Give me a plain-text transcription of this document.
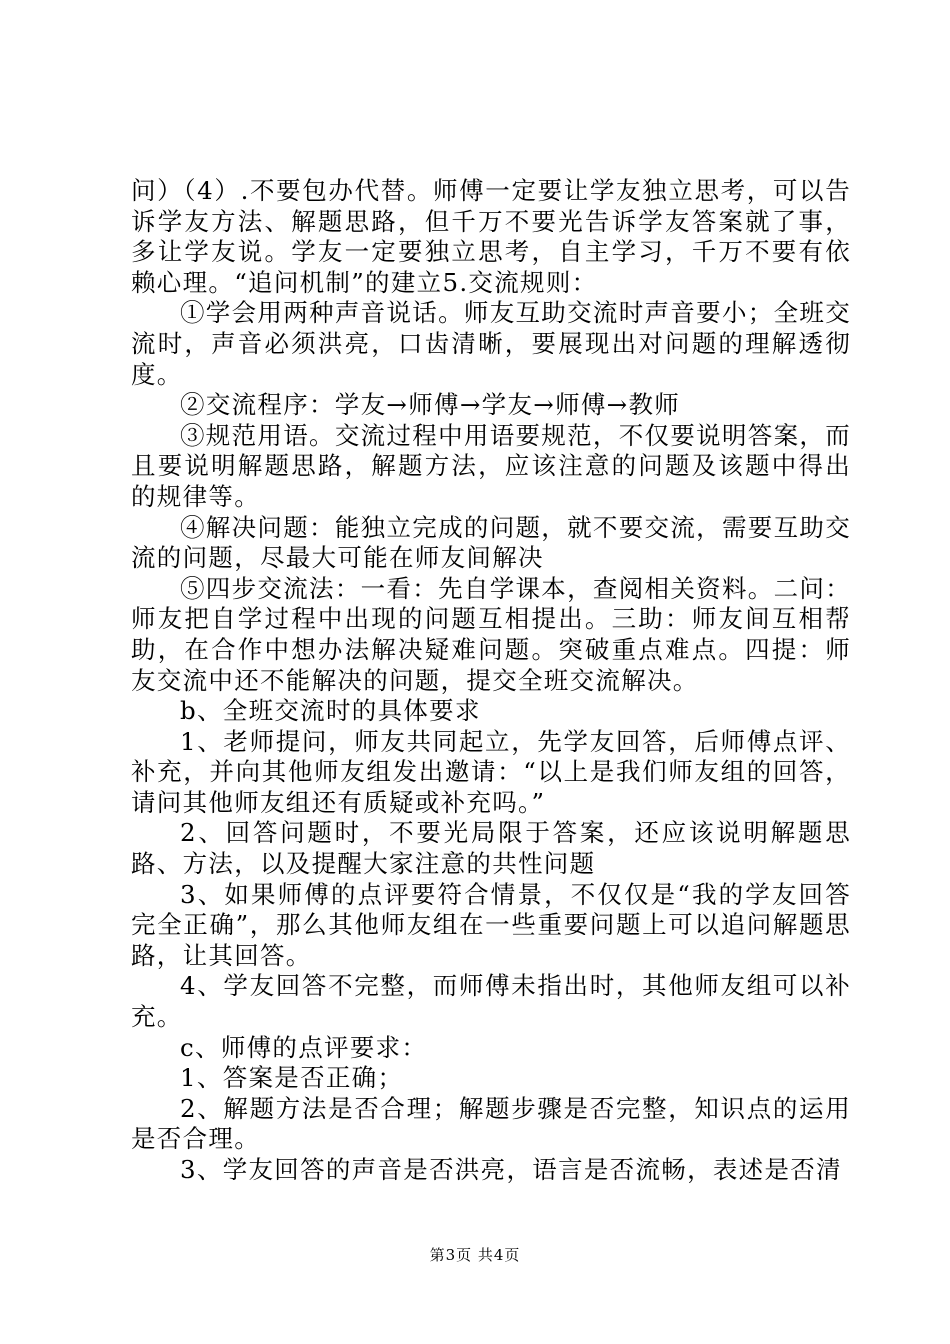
问）（4）.不要包办代替。师傅一定要让学友独立思考，可以告诉学友方法、解题思路，但千万不要光告诉学友答案就了事，多让学友说。学友一定要独立思考，自主学习，千万不要有依赖心理。“追问机制”的建立5.交流规则：

①学会用两种声音说话。师友互助交流时声音要小；全班交流时，声音必须洪亮，口齿清晰，要展现出对问题的理解透彻度。

②交流程序：学友→师傅→学友→师傅→教师

③规范用语。交流过程中用语要规范，不仅要说明答案，而且要说明解题思路，解题方法，应该注意的问题及该题中得出的规律等。

④解决问题：能独立完成的问题，就不要交流，需要互助交流的问题，尽最大可能在师友间解决

⑤四步交流法：一看：先自学课本，查阅相关资料。二问：师友把自学过程中出现的问题互相提出。三助：师友间互相帮助，在合作中想办法解决疑难问题。突破重点难点。四提：师友交流中还不能解决的问题，提交全班交流解决。

b、全班交流时的具体要求

1、老师提问，师友共同起立，先学友回答，后师傅点评、补充，并向其他师友组发出邀请：“以上是我们师友组的回答，请问其他师友组还有质疑或补充吗。”

2、回答问题时，不要光局限于答案，还应该说明解题思路、方法，以及提醒大家注意的共性问题

3、如果师傅的点评要符合情景，不仅仅是“我的学友回答完全正确”，那么其他师友组在一些重要问题上可以追问解题思路，让其回答。

4、学友回答不完整，而师傅未指出时，其他师友组可以补充。

c、师傅的点评要求：

1、答案是否正确；

2、解题方法是否合理；解题步骤是否完整，知识点的运用是否合理。

3、学友回答的声音是否洪亮，语言是否流畅，表述是否清

第3页 共4页
